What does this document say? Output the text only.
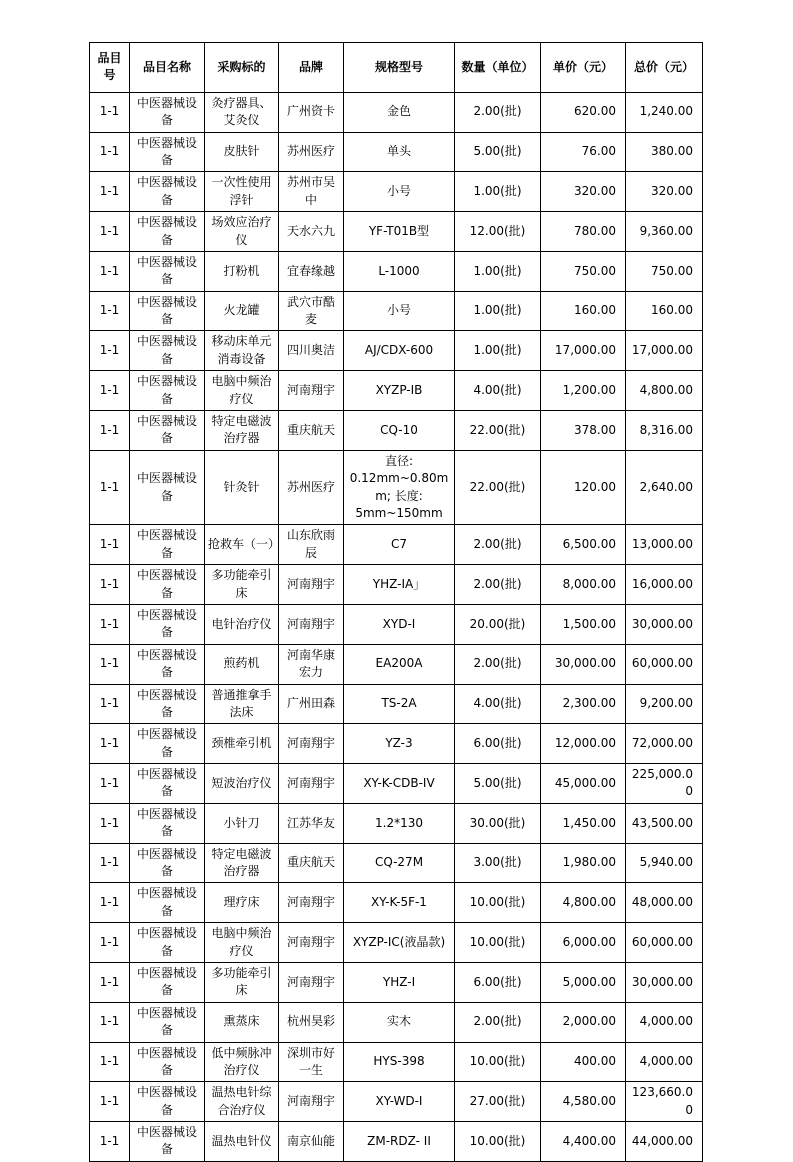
品目号	品目名称	采购标的	品牌	规格型号	数量（单位）	单价（元）	总价（元）
1-1	中医器械设备	灸疗器具、艾灸仪	广州资卡	金色	2.00(批)	620.00	1,240.00
1-1	中医器械设备	皮肤针	苏州医疗	单头	5.00(批)	76.00	380.00
1-1	中医器械设备	一次性使用浮针	苏州市吴中	小号	1.00(批)	320.00	320.00
1-1	中医器械设备	场效应治疗仪	天水六九	YF-T01B型	12.00(批)	780.00	9,360.00
1-1	中医器械设备	打粉机	宜春缘越	L-1000	1.00(批)	750.00	750.00
1-1	中医器械设备	火龙罐	武穴市酷麦	小号	1.00(批)	160.00	160.00
1-1	中医器械设备	移动床单元消毒设备	四川奥洁	AJ/CDX-600	1.00(批)	17,000.00	17,000.00
1-1	中医器械设备	电脑中频治疗仪	河南翔宇	XYZP-IB	4.00(批)	1,200.00	4,800.00
1-1	中医器械设备	特定电磁波治疗器	重庆航天	CQ-10	22.00(批)	378.00	8,316.00
1-1	中医器械设备	针灸针	苏州医疗	直径: 0.12mm~0.80mm; 长度: 5mm~150mm	22.00(批)	120.00	2,640.00
1-1	中医器械设备	抢救车（一）	山东欣雨辰	C7	2.00(批)	6,500.00	13,000.00
1-1	中医器械设备	多功能牵引床	河南翔宇	YHZ-IA」	2.00(批)	8,000.00	16,000.00
1-1	中医器械设备	电针治疗仪	河南翔宇	XYD-I	20.00(批)	1,500.00	30,000.00
1-1	中医器械设备	煎药机	河南华康宏力	EA200A	2.00(批)	30,000.00	60,000.00
1-1	中医器械设备	普通推拿手法床	广州田森	TS-2A	4.00(批)	2,300.00	9,200.00
1-1	中医器械设备	颈椎牵引机	河南翔宇	YZ-3	6.00(批)	12,000.00	72,000.00
1-1	中医器械设备	短波治疗仪	河南翔宇	XY-K-CDB-IV	5.00(批)	45,000.00	225,000.00
1-1	中医器械设备	小针刀	江苏华友	1.2*130	30.00(批)	1,450.00	43,500.00
1-1	中医器械设备	特定电磁波治疗器	重庆航天	CQ-27M	3.00(批)	1,980.00	5,940.00
1-1	中医器械设备	理疗床	河南翔宇	XY-K-5F-1	10.00(批)	4,800.00	48,000.00
1-1	中医器械设备	电脑中频治疗仪	河南翔宇	XYZP-IC(液晶款)	10.00(批)	6,000.00	60,000.00
1-1	中医器械设备	多功能牵引床	河南翔宇	YHZ-I	6.00(批)	5,000.00	30,000.00
1-1	中医器械设备	熏蒸床	杭州昊彩	实木	2.00(批)	2,000.00	4,000.00
1-1	中医器械设备	低中频脉冲治疗仪	深圳市好一生	HYS-398	10.00(批)	400.00	4,000.00
1-1	中医器械设备	温热电针综合治疗仪	河南翔宇	XY-WD-I	27.00(批)	4,580.00	123,660.00
1-1	中医器械设备	温热电针仪	南京仙能	ZM-RDZ- II	10.00(批)	4,400.00	44,000.00
